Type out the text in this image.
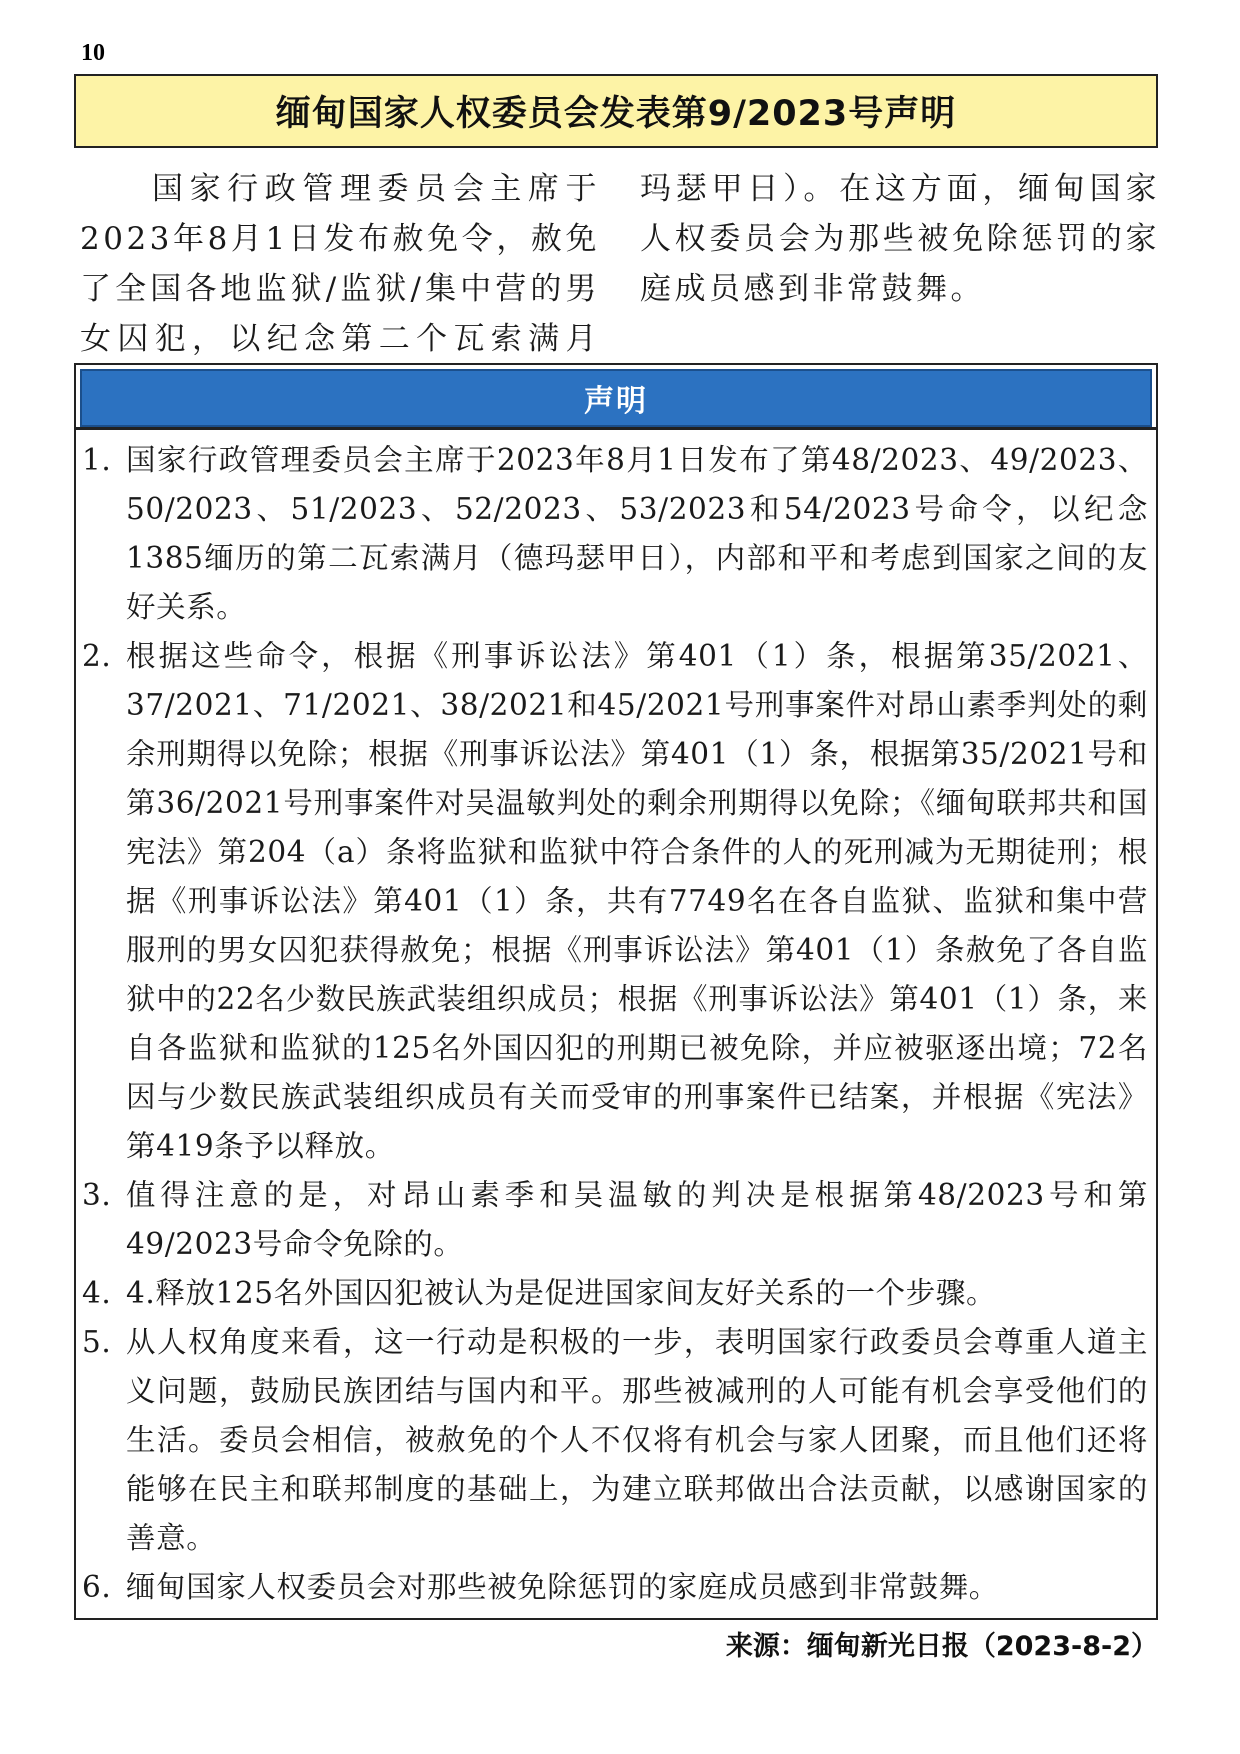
10
缅甸国家人权委员会发表第9/2023号声明

国家行政管理委员会主席于2023年8月1日发布赦免令，赦免了全国各地监狱/监狱/集中营的男女囚犯，以纪念第二个瓦索满月

玛瑟甲日）。在这方面，缅甸国家人权委员会为那些被免除惩罚的家庭成员感到非常鼓舞。

声明
1. 国家行政管理委员会主席于2023年8月1日发布了第48/2023、49/2023、50/2023、51/2023、52/2023、53/2023和54/2023号命令，以纪念1385缅历的第二瓦索满月（德玛瑟甲日），内部和平和考虑到国家之间的友好关系。
2. 根据这些命令，根据《刑事诉讼法》第401（1）条，根据第35/2021、37/2021、71/2021、38/2021和45/2021号刑事案件对昂山素季判处的剩余刑期得以免除；根据《刑事诉讼法》第401（1）条，根据第35/2021号和第36/2021号刑事案件对吴温敏判处的剩余刑期得以免除；《缅甸联邦共和国宪法》第204（a）条将监狱和监狱中符合条件的人的死刑减为无期徒刑；根据《刑事诉讼法》第401（1）条，共有7749名在各自监狱、监狱和集中营服刑的男女囚犯获得赦免；根据《刑事诉讼法》第401（1）条赦免了各自监狱中的22名少数民族武装组织成员；根据《刑事诉讼法》第401（1）条，来自各监狱和监狱的125名外国囚犯的刑期已被免除，并应被驱逐出境；72名因与少数民族武装组织成员有关而受审的刑事案件已结案，并根据《宪法》第419条予以释放。
3. 值得注意的是，对昂山素季和吴温敏的判决是根据第48/2023号和第49/2023号命令免除的。
4. 4.释放125名外国囚犯被认为是促进国家间友好关系的一个步骤。
5. 从人权角度来看，这一行动是积极的一步，表明国家行政委员会尊重人道主义问题，鼓励民族团结与国内和平。那些被减刑的人可能有机会享受他们的生活。委员会相信，被赦免的个人不仅将有机会与家人团聚，而且他们还将能够在民主和联邦制度的基础上，为建立联邦做出合法贡献，以感谢国家的善意。
6. 缅甸国家人权委员会对那些被免除惩罚的家庭成员感到非常鼓舞。
来源：缅甸新光日报（2023-8-2）
